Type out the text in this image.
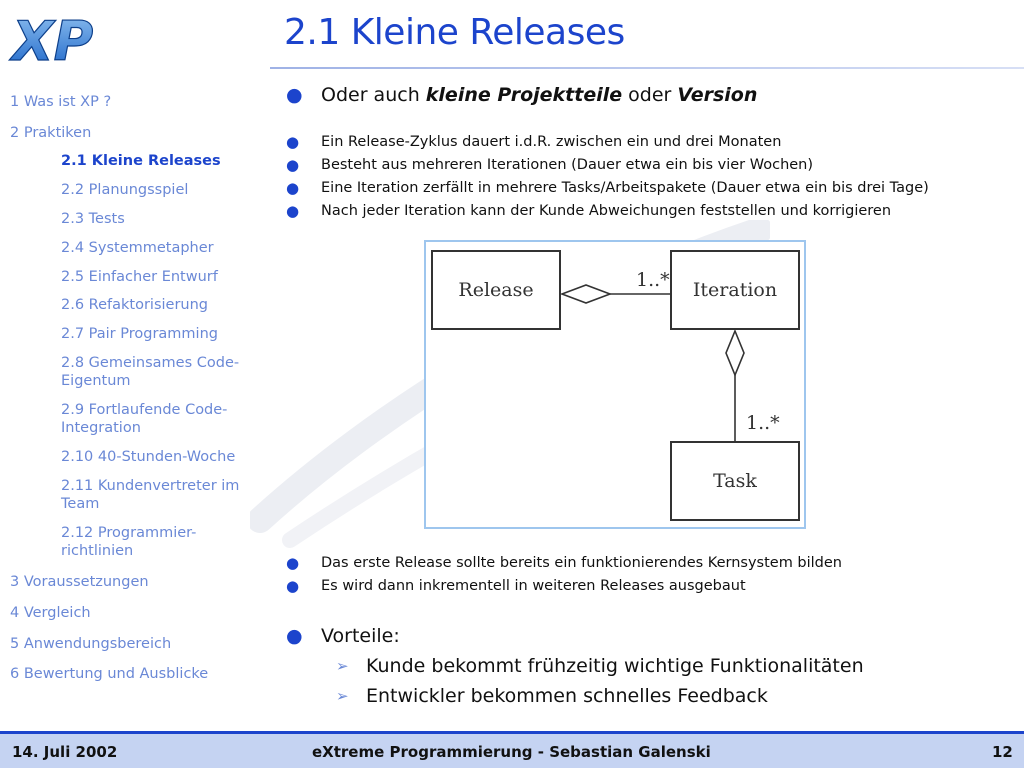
XP	2.1 Kleine Releases
1 Was ist XP ?
2 Praktiken
2.1 Kleine Releases
2.2 Planungsspiel
2.3 Tests
2.4 Systemmetapher
2.5 Einfacher Entwurf
2.6 Refaktorisierung
2.7 Pair Programming
2.8 Gemeinsames Code-Eigentum
2.9 Fortlaufende Code-Integration
2.10 40-Stunden-Woche
2.11 Kundenvertreter im Team
2.12 Programmier-richtlinien
3 Voraussetzungen
4 Vergleich
5 Anwendungsbereich
6 Bewertung und Ausblicke
● Oder auch kleine Projektteile oder Version
● Ein Release-Zyklus dauert i.d.R. zwischen ein und drei Monaten
● Besteht aus mehreren Iterationen (Dauer etwa ein bis vier Wochen)
● Eine Iteration zerfällt in mehrere Tasks/Arbeitspakete (Dauer etwa ein bis drei Tage)
● Nach jeder Iteration kann der Kunde Abweichungen feststellen und korrigieren
Release	Iteration
Task
1..*
1..*
● Das erste Release sollte bereits ein funktionierendes Kernsystem bilden
● Es wird dann inkrementell in weiteren Releases ausgebaut
● Vorteile:
➢ Kunde bekommt frühzeitig wichtige Funktionalitäten
➢ Entwickler bekommen schnelles Feedback
14. Juli 2002	eXtreme Programmierung - Sebastian Galenski	12
